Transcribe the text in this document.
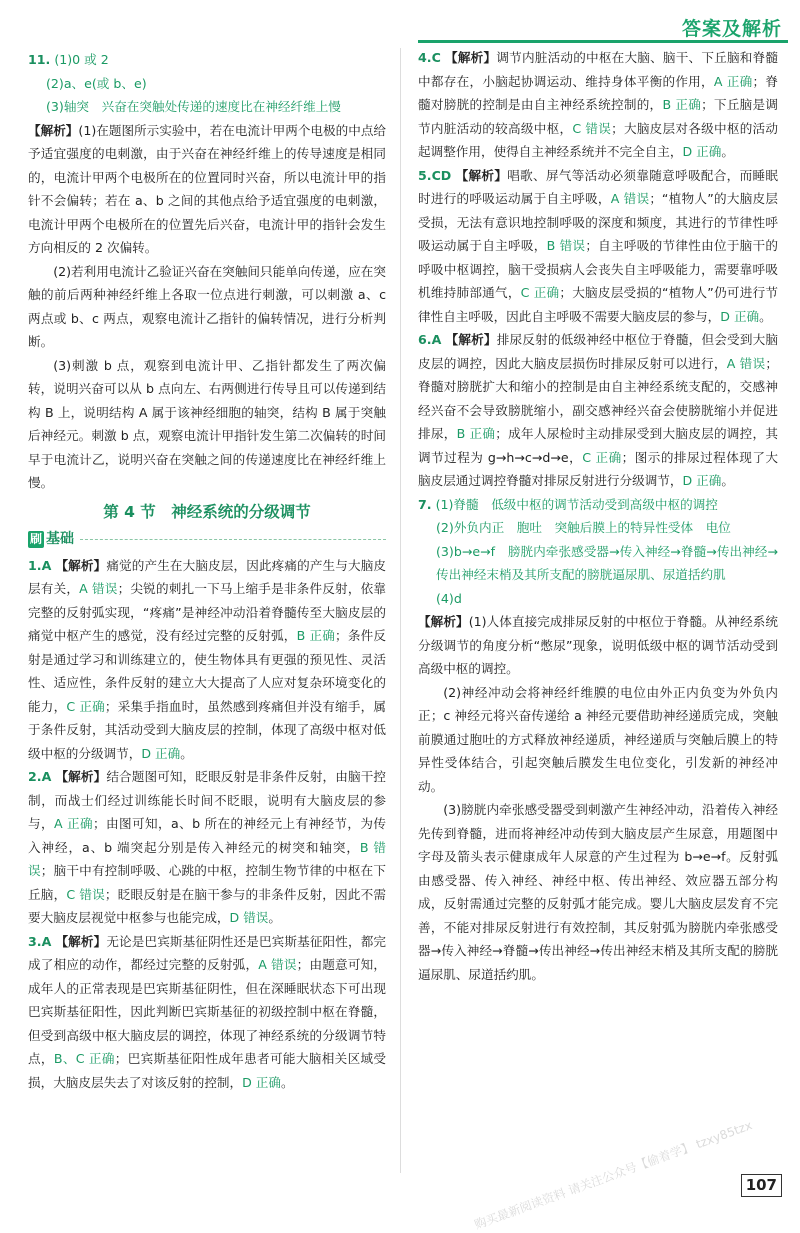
答案及解析

11. (1)0 或 2

(2)a、e(或 b、e)

(3)轴突　兴奋在突触处传递的速度比在神经纤维上慢

【解析】(1)在题图所示实验中，若在电流计甲两个电极的中点给予适宜强度的电刺激，由于兴奋在神经纤维上的传导速度是相同的，电流计甲两个电极所在的位置同时兴奋，所以电流计甲的指针不会偏转；若在 a、b 之间的其他点给予适宜强度的电刺激，电流计甲两个电极所在的位置先后兴奋，电流计甲的指针会发生方向相反的 2 次偏转。

(2)若利用电流计乙验证兴奋在突触间只能单向传递，应在突触的前后两种神经纤维上各取一位点进行刺激，可以刺激 a、c 两点或 b、c 两点，观察电流计乙指针的偏转情况，进行分析判断。

(3)刺激 b 点，观察到电流计甲、乙指针都发生了两次偏转，说明兴奋可以从 b 点向左、右两侧进行传导且可以传递到结构 B 上，说明结构 A 属于该神经细胞的轴突，结构 B 属于突触后神经元。刺激 b 点，观察电流计甲指针发生第二次偏转的时间早于电流计乙，说明兴奋在突触之间的传递速度比在神经纤维上慢。

第 4 节　神经系统的分级调节
刷 基础

1.A 【解析】痛觉的产生在大脑皮层，因此疼痛的产生与大脑皮层有关，A 错误；尖锐的刺扎一下马上缩手是非条件反射，依靠完整的反射弧实现，“疼痛”是神经冲动沿着脊髓传至大脑皮层的痛觉中枢产生的感觉，没有经过完整的反射弧，B 正确；条件反射是通过学习和训练建立的，使生物体具有更强的预见性、灵活性、适应性，条件反射的建立大大提高了人应对复杂环境变化的能力，C 正确；采集手指血时，虽然感到疼痛但并没有缩手，属于条件反射，其活动受到大脑皮层的控制，体现了高级中枢对低级中枢的分级调节，D 正确。

2.A 【解析】结合题图可知，眨眼反射是非条件反射，由脑干控制，而战士们经过训练能长时间不眨眼，说明有大脑皮层的参与，A 正确；由图可知，a、b 所在的神经元上有神经节，为传入神经，a、b 端突起分别是传入神经元的树突和轴突，B 错误；脑干中有控制呼吸、心跳的中枢，控制生物节律的中枢在下丘脑，C 错误；眨眼反射是在脑干参与的非条件反射，因此不需要大脑皮层视觉中枢参与也能完成，D 错误。

3.A 【解析】无论是巴宾斯基征阴性还是巴宾斯基征阳性，都完成了相应的动作，都经过完整的反射弧，A 错误；由题意可知，成年人的正常表现是巴宾斯基征阴性，但在深睡眠状态下可出现巴宾斯基征阳性，因此判断巴宾斯基征的初级控制中枢在脊髓，但受到高级中枢大脑皮层的调控，体现了神经系统的分级调节特点，B、C 正确；巴宾斯基征阳性成年患者可能大脑相关区域受损，大脑皮层失去了对该反射的控制，D 正确。

4.C 【解析】调节内脏活动的中枢在大脑、脑干、下丘脑和脊髓中都存在，小脑起协调运动、维持身体平衡的作用，A 正确；脊髓对膀胱的控制是由自主神经系统控制的，B 正确；下丘脑是调节内脏活动的较高级中枢，C 错误；大脑皮层对各级中枢的活动起调整作用，使得自主神经系统并不完全自主，D 正确。

5.CD 【解析】唱歌、屏气等活动必须靠随意呼吸配合，而睡眠时进行的呼吸运动属于自主呼吸，A 错误；“植物人”的大脑皮层受损，无法有意识地控制呼吸的深度和频度，其进行的节律性呼吸运动属于自主呼吸，B 错误；自主呼吸的节律性由位于脑干的呼吸中枢调控，脑干受损病人会丧失自主呼吸能力，需要靠呼吸机维持肺部通气，C 正确；大脑皮层受损的“植物人”仍可进行节律性自主呼吸，因此自主呼吸不需要大脑皮层的参与，D 正确。

6.A 【解析】排尿反射的低级神经中枢位于脊髓，但会受到大脑皮层的调控，因此大脑皮层损伤时排尿反射可以进行，A 错误；脊髓对膀胱扩大和缩小的控制是由自主神经系统支配的，交感神经兴奋不会导致膀胱缩小，副交感神经兴奋会使膀胱缩小并促进排尿，B 正确；成年人尿检时主动排尿受到大脑皮层的调控，其调节过程为 g→h→c→d→e，C 正确；图示的排尿过程体现了大脑皮层通过调控脊髓对排尿反射进行分级调节，D 正确。

7. (1)脊髓　低级中枢的调节活动受到高级中枢的调控

(2)外负内正　胞吐　突触后膜上的特异性受体　电位

(3)b→e→f　膀胱内牵张感受器→传入神经→脊髓→传出神经→传出神经末梢及其所支配的膀胱逼尿肌、尿道括约肌

(4)d

【解析】(1)人体直接完成排尿反射的中枢位于脊髓。从神经系统分级调节的角度分析“憋尿”现象，说明低级中枢的调节活动受到高级中枢的调控。

(2)神经冲动会将神经纤维膜的电位由外正内负变为外负内正；c 神经元将兴奋传递给 a 神经元要借助神经递质完成，突触前膜通过胞吐的方式释放神经递质，神经递质与突触后膜上的特异性受体结合，引起突触后膜发生电位变化，引发新的神经冲动。

(3)膀胱内牵张感受器受到刺激产生神经冲动，沿着传入神经先传到脊髓，进而将神经冲动传到大脑皮层产生尿意，用题图中字母及箭头表示健康成年人尿意的产生过程为 b→e→f。反射弧由感受器、传入神经、神经中枢、传出神经、效应器五部分构成，反射需通过完整的反射弧才能完成。婴儿大脑皮层发育不完善，不能对排尿反射进行有效控制，其反射弧为膀胱内牵张感受器→传入神经→脊髓→传出神经→传出神经末梢及其所支配的膀胱逼尿肌、尿道括约肌。

购买最新阅读资料 请关注公众号【偷着学】 tzxy85tzx
107
